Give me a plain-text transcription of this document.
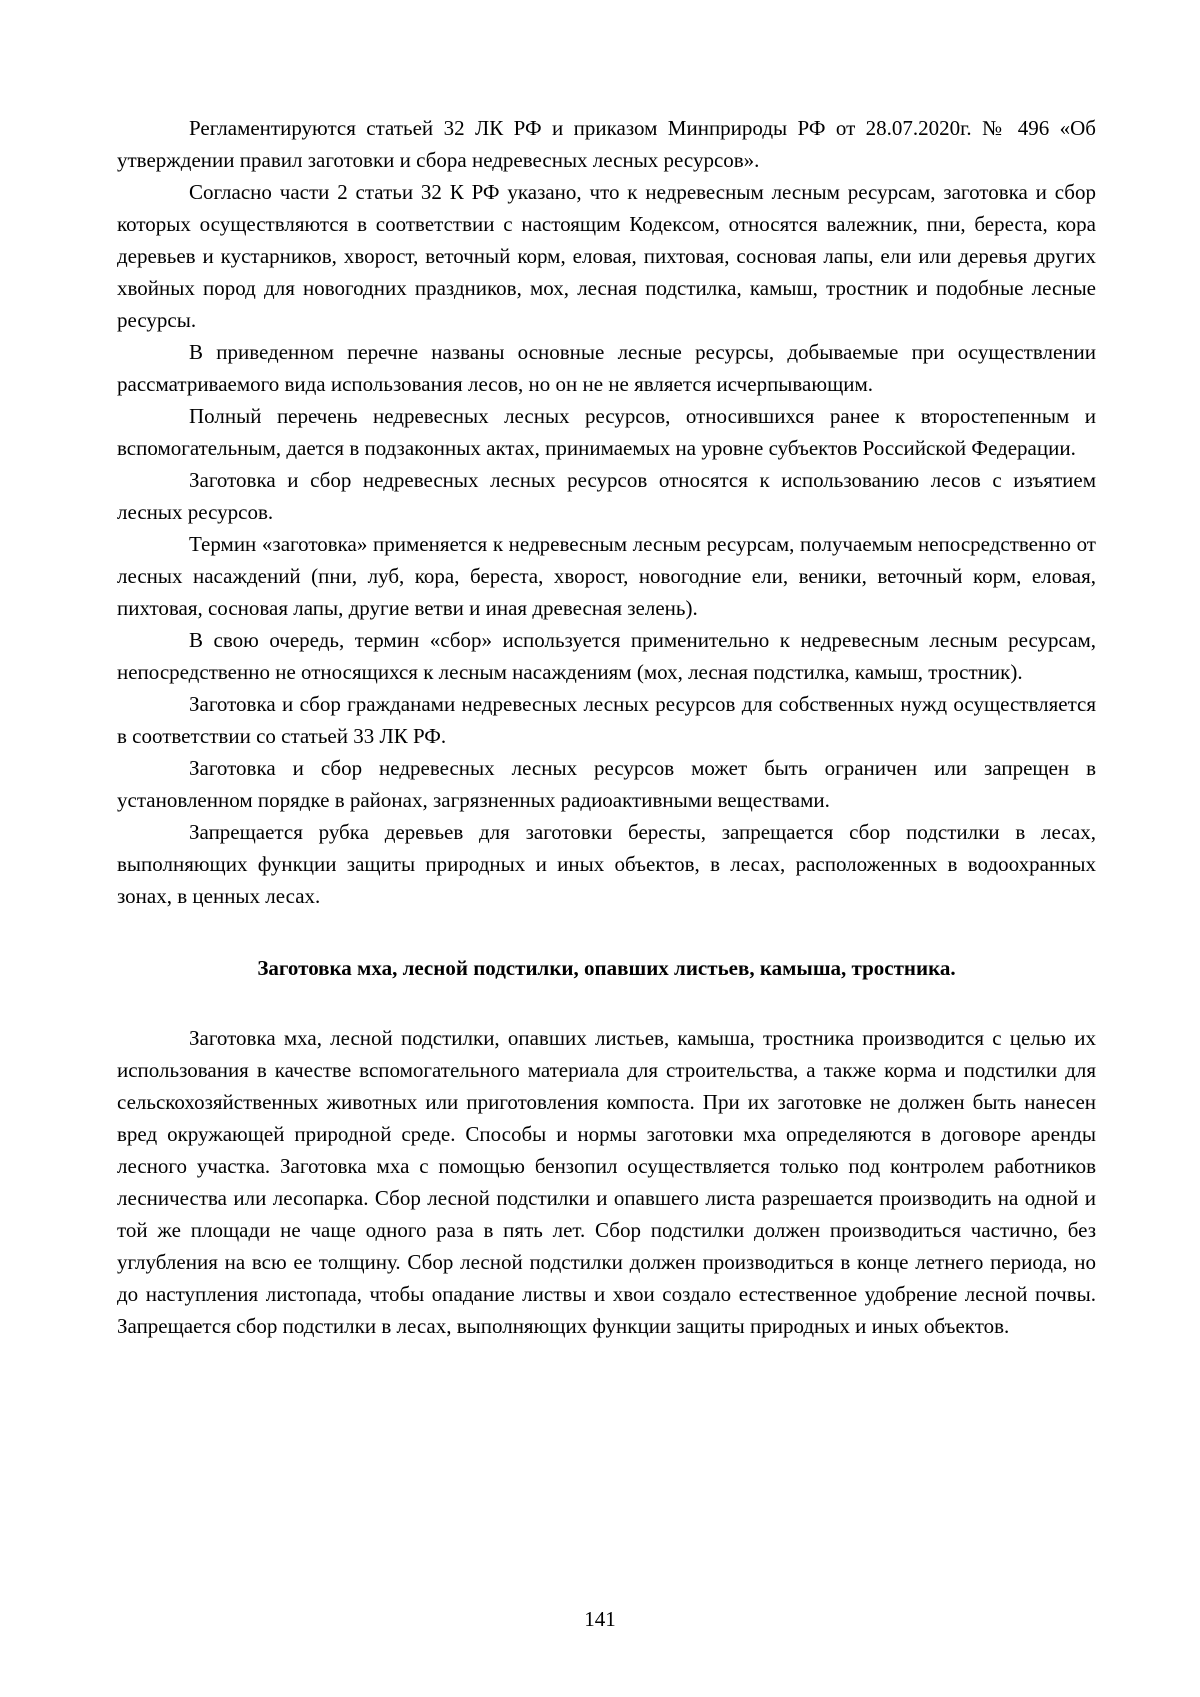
Регламентируются статьей 32 ЛК РФ и приказом Минприроды РФ от 28.07.2020г. № 496 «Об утверждении правил заготовки и сбора недревесных лесных ресурсов».

Согласно части 2 статьи 32 К РФ указано, что к недревесным лесным ресурсам, заготовка и сбор которых осуществляются в соответствии с настоящим Кодексом, относятся валежник, пни, береста, кора деревьев и кустарников, хворост, веточный корм, еловая, пихтовая, сосновая лапы, ели или деревья других хвойных пород для новогодних праздников, мох, лесная подстилка, камыш, тростник и подобные лесные ресурсы.

В приведенном перечне названы основные лесные ресурсы, добываемые при осуществлении рассматриваемого вида использования лесов, но он не не является исчерпывающим.

Полный перечень недревесных лесных ресурсов, относившихся ранее к второстепенным и вспомогательным, дается в подзаконных актах, принимаемых на уровне субъектов Российской Федерации.

Заготовка и сбор недревесных лесных ресурсов относятся к использованию лесов с изъятием лесных ресурсов.

Термин «заготовка» применяется к недревесным лесным ресурсам, получаемым непосредственно от лесных насаждений (пни, луб, кора, береста, хворост, новогодние ели, веники, веточный корм, еловая, пихтовая, сосновая лапы, другие ветви и иная древесная зелень).

В свою очередь, термин «сбор» используется применительно к недревесным лесным ресурсам, непосредственно не относящихся к лесным насаждениям (мох, лесная подстилка, камыш, тростник).

Заготовка и сбор гражданами недревесных лесных ресурсов для собственных нужд осуществляется в соответствии со статьей 33 ЛК РФ.

Заготовка и сбор недревесных лесных ресурсов может быть ограничен или запрещен в установленном порядке в районах, загрязненных радиоактивными веществами.

Запрещается рубка деревьев для заготовки бересты, запрещается сбор подстилки в лесах, выполняющих функции защиты природных и иных объектов, в лесах, расположенных в водоохранных зонах, в ценных лесах.

Заготовка мха, лесной подстилки, опавших листьев, камыша, тростника.

Заготовка мха, лесной подстилки, опавших листьев, камыша, тростника производится с целью их использования в качестве вспомогательного материала для строительства, а также корма и подстилки для сельскохозяйственных животных или приготовления компоста. При их заготовке не должен быть нанесен вред окружающей природной среде. Способы и нормы заготовки мха определяются в договоре аренды лесного участка. Заготовка мха с помощью бензопил осуществляется только под контролем работников лесничества или лесопарка. Сбор лесной подстилки и опавшего листа разрешается производить на одной и той же площади не чаще одного раза в пять лет. Сбор подстилки должен производиться частично, без углубления на всю ее толщину. Сбор лесной подстилки должен производиться в конце летнего периода, но до наступления листопада, чтобы опадание листвы и хвои создало естественное удобрение лесной почвы. Запрещается сбор подстилки в лесах, выполняющих функции защиты природных и иных объектов.

141
